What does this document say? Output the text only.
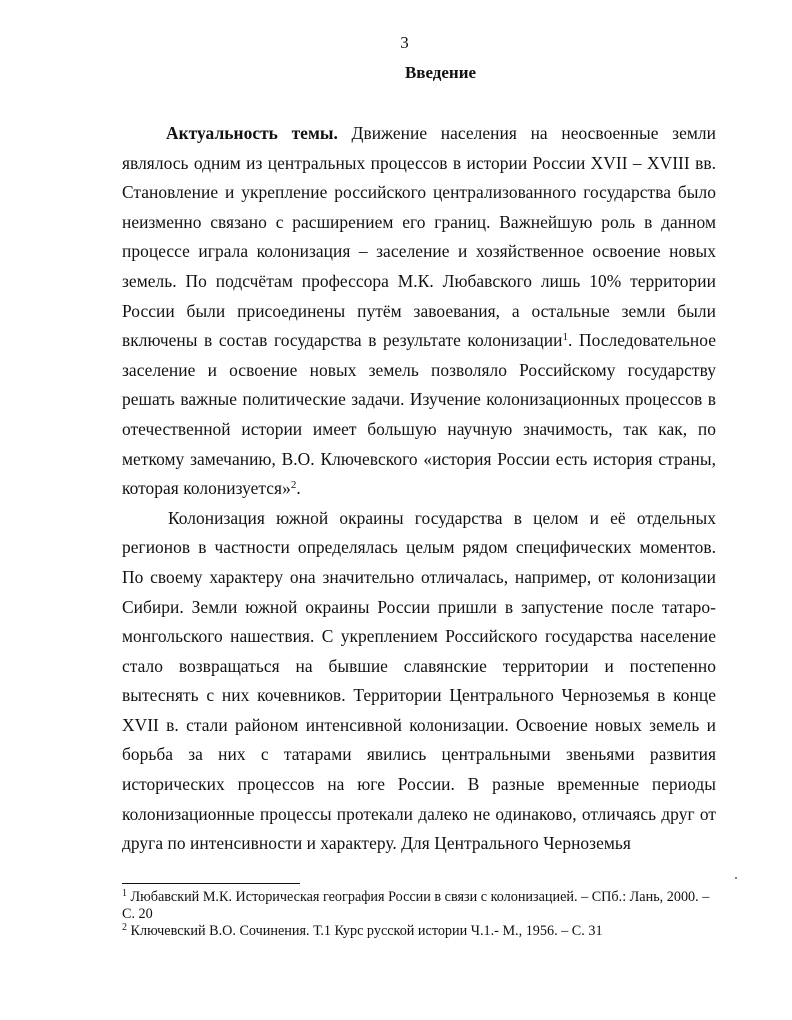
3
Введение

Актуальность темы. Движение населения на неосвоенные земли являлось одним из центральных процессов в истории России XVII – XVIII вв. Становление и укрепление российского централизованного государства было неизменно связано с расширением его границ. Важнейшую роль в данном процессе играла колонизация – заселение и хозяйственное освоение новых земель. По подсчётам профессора М.К. Любавского лишь 10% территории России были присоединены путём завоевания, а остальные земли были включены в состав государства в результате колонизации$^1$. Последовательное заселение и освоение новых земель позволяло Российскому государству решать важные политические задачи. Изучение колонизационных процессов в отечественной истории имеет большую научную значимость, так как, по меткому замечанию, В.О. Ключевского «история России есть история страны, которая колонизуется»$^2$.

Колонизация южной окраины государства в целом и её отдельных регионов в частности определялась целым рядом специфических моментов. По своему характеру она значительно отличалась, например, от колонизации Сибири. Земли южной окраины России пришли в запустение после татаро-монгольского нашествия. С укреплением Российского государства население стало возвращаться на бывшие славянские территории и постепенно вытеснять с них кочевников. Территории Центрального Черноземья в конце XVII в. стали районом интенсивной колонизации. Освоение новых земель и борьба за них с татарами явились центральными звеньями развития исторических процессов на юге России. В разные временные периоды колонизационные процессы протекали далеко не одинаково, отличаясь друг от друга по интенсивности и характеру. Для Центрального Черноземья

$^1$ Любавский М.К. Историческая география России в связи с колонизацией. – СПб.: Лань, 2000. – С. 20

$^2$ Ключевский В.О. Сочинения. Т.1 Курс русской истории Ч.1.- М., 1956. – С. 31
